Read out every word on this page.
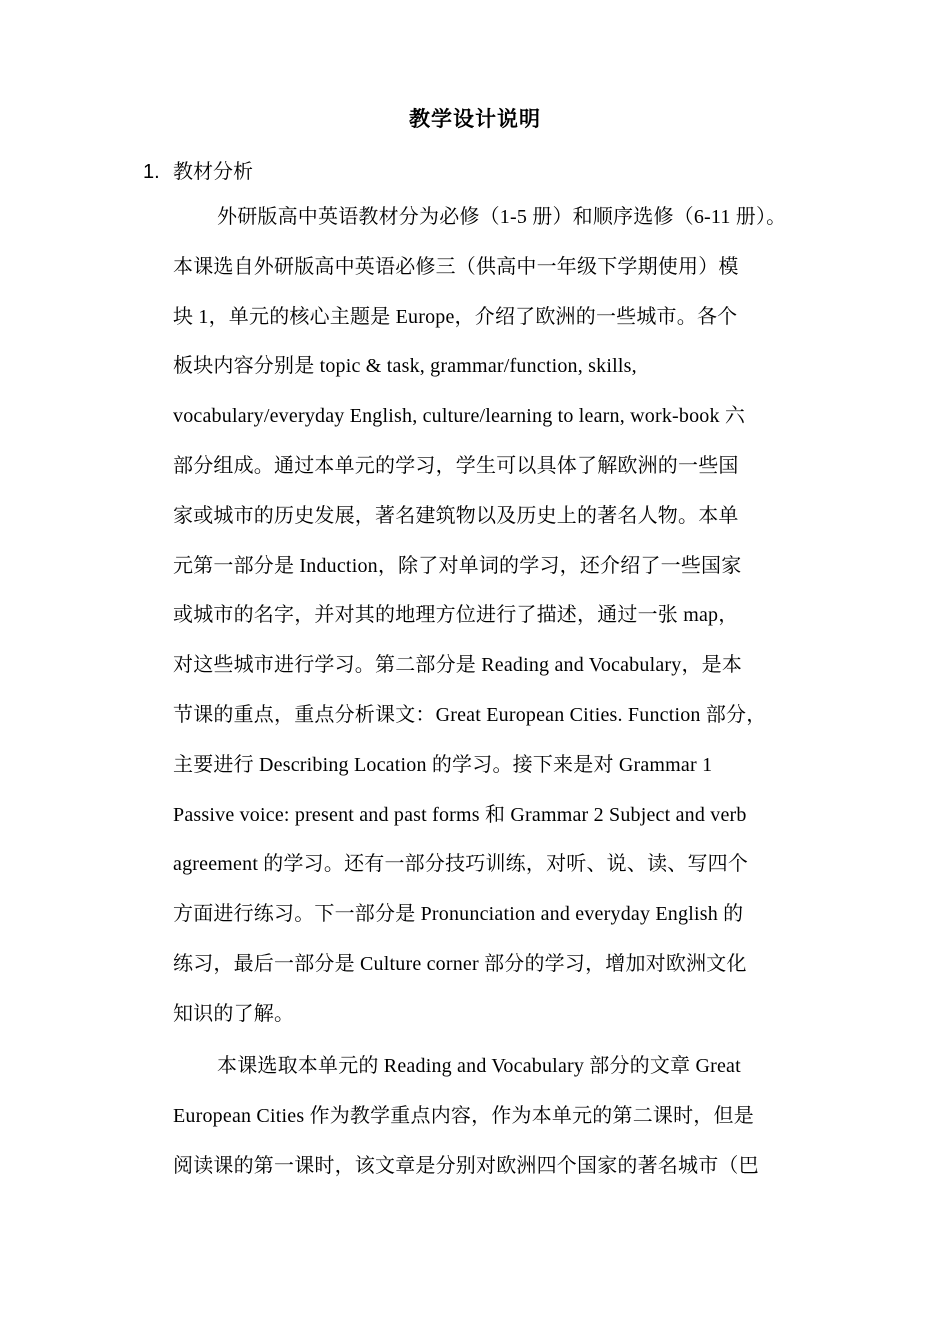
教学设计说明
1. 教材分析
外研版高中英语教材分为必修（1-5 册）和顺序选修（6-11 册）。
本课选自外研版高中英语必修三（供高中一年级下学期使用）模
块 1，单元的核心主题是 Europe，介绍了欧洲的一些城市。各个
板块内容分别是 topic & task, grammar/function, skills,
vocabulary/everyday English, culture/learning to learn, work-book 六
部分组成。通过本单元的学习，学生可以具体了解欧洲的一些国
家或城市的历史发展，著名建筑物以及历史上的著名人物。本单
元第一部分是 Induction，除了对单词的学习，还介绍了一些国家
或城市的名字，并对其的地理方位进行了描述，通过一张 map，
对这些城市进行学习。第二部分是 Reading and Vocabulary，是本
节课的重点，重点分析课文：Great European Cities. Function 部分，
主要进行 Describing Location 的学习。接下来是对 Grammar 1
Passive voice: present and past forms 和 Grammar 2 Subject and verb
agreement 的学习。还有一部分技巧训练，对听、说、读、写四个
方面进行练习。下一部分是 Pronunciation and everyday English 的
练习，最后一部分是 Culture corner 部分的学习，增加对欧洲文化
知识的了解。
本课选取本单元的 Reading and Vocabulary 部分的文章 Great
European Cities 作为教学重点内容，作为本单元的第二课时，但是
阅读课的第一课时，该文章是分别对欧洲四个国家的著名城市（巴
